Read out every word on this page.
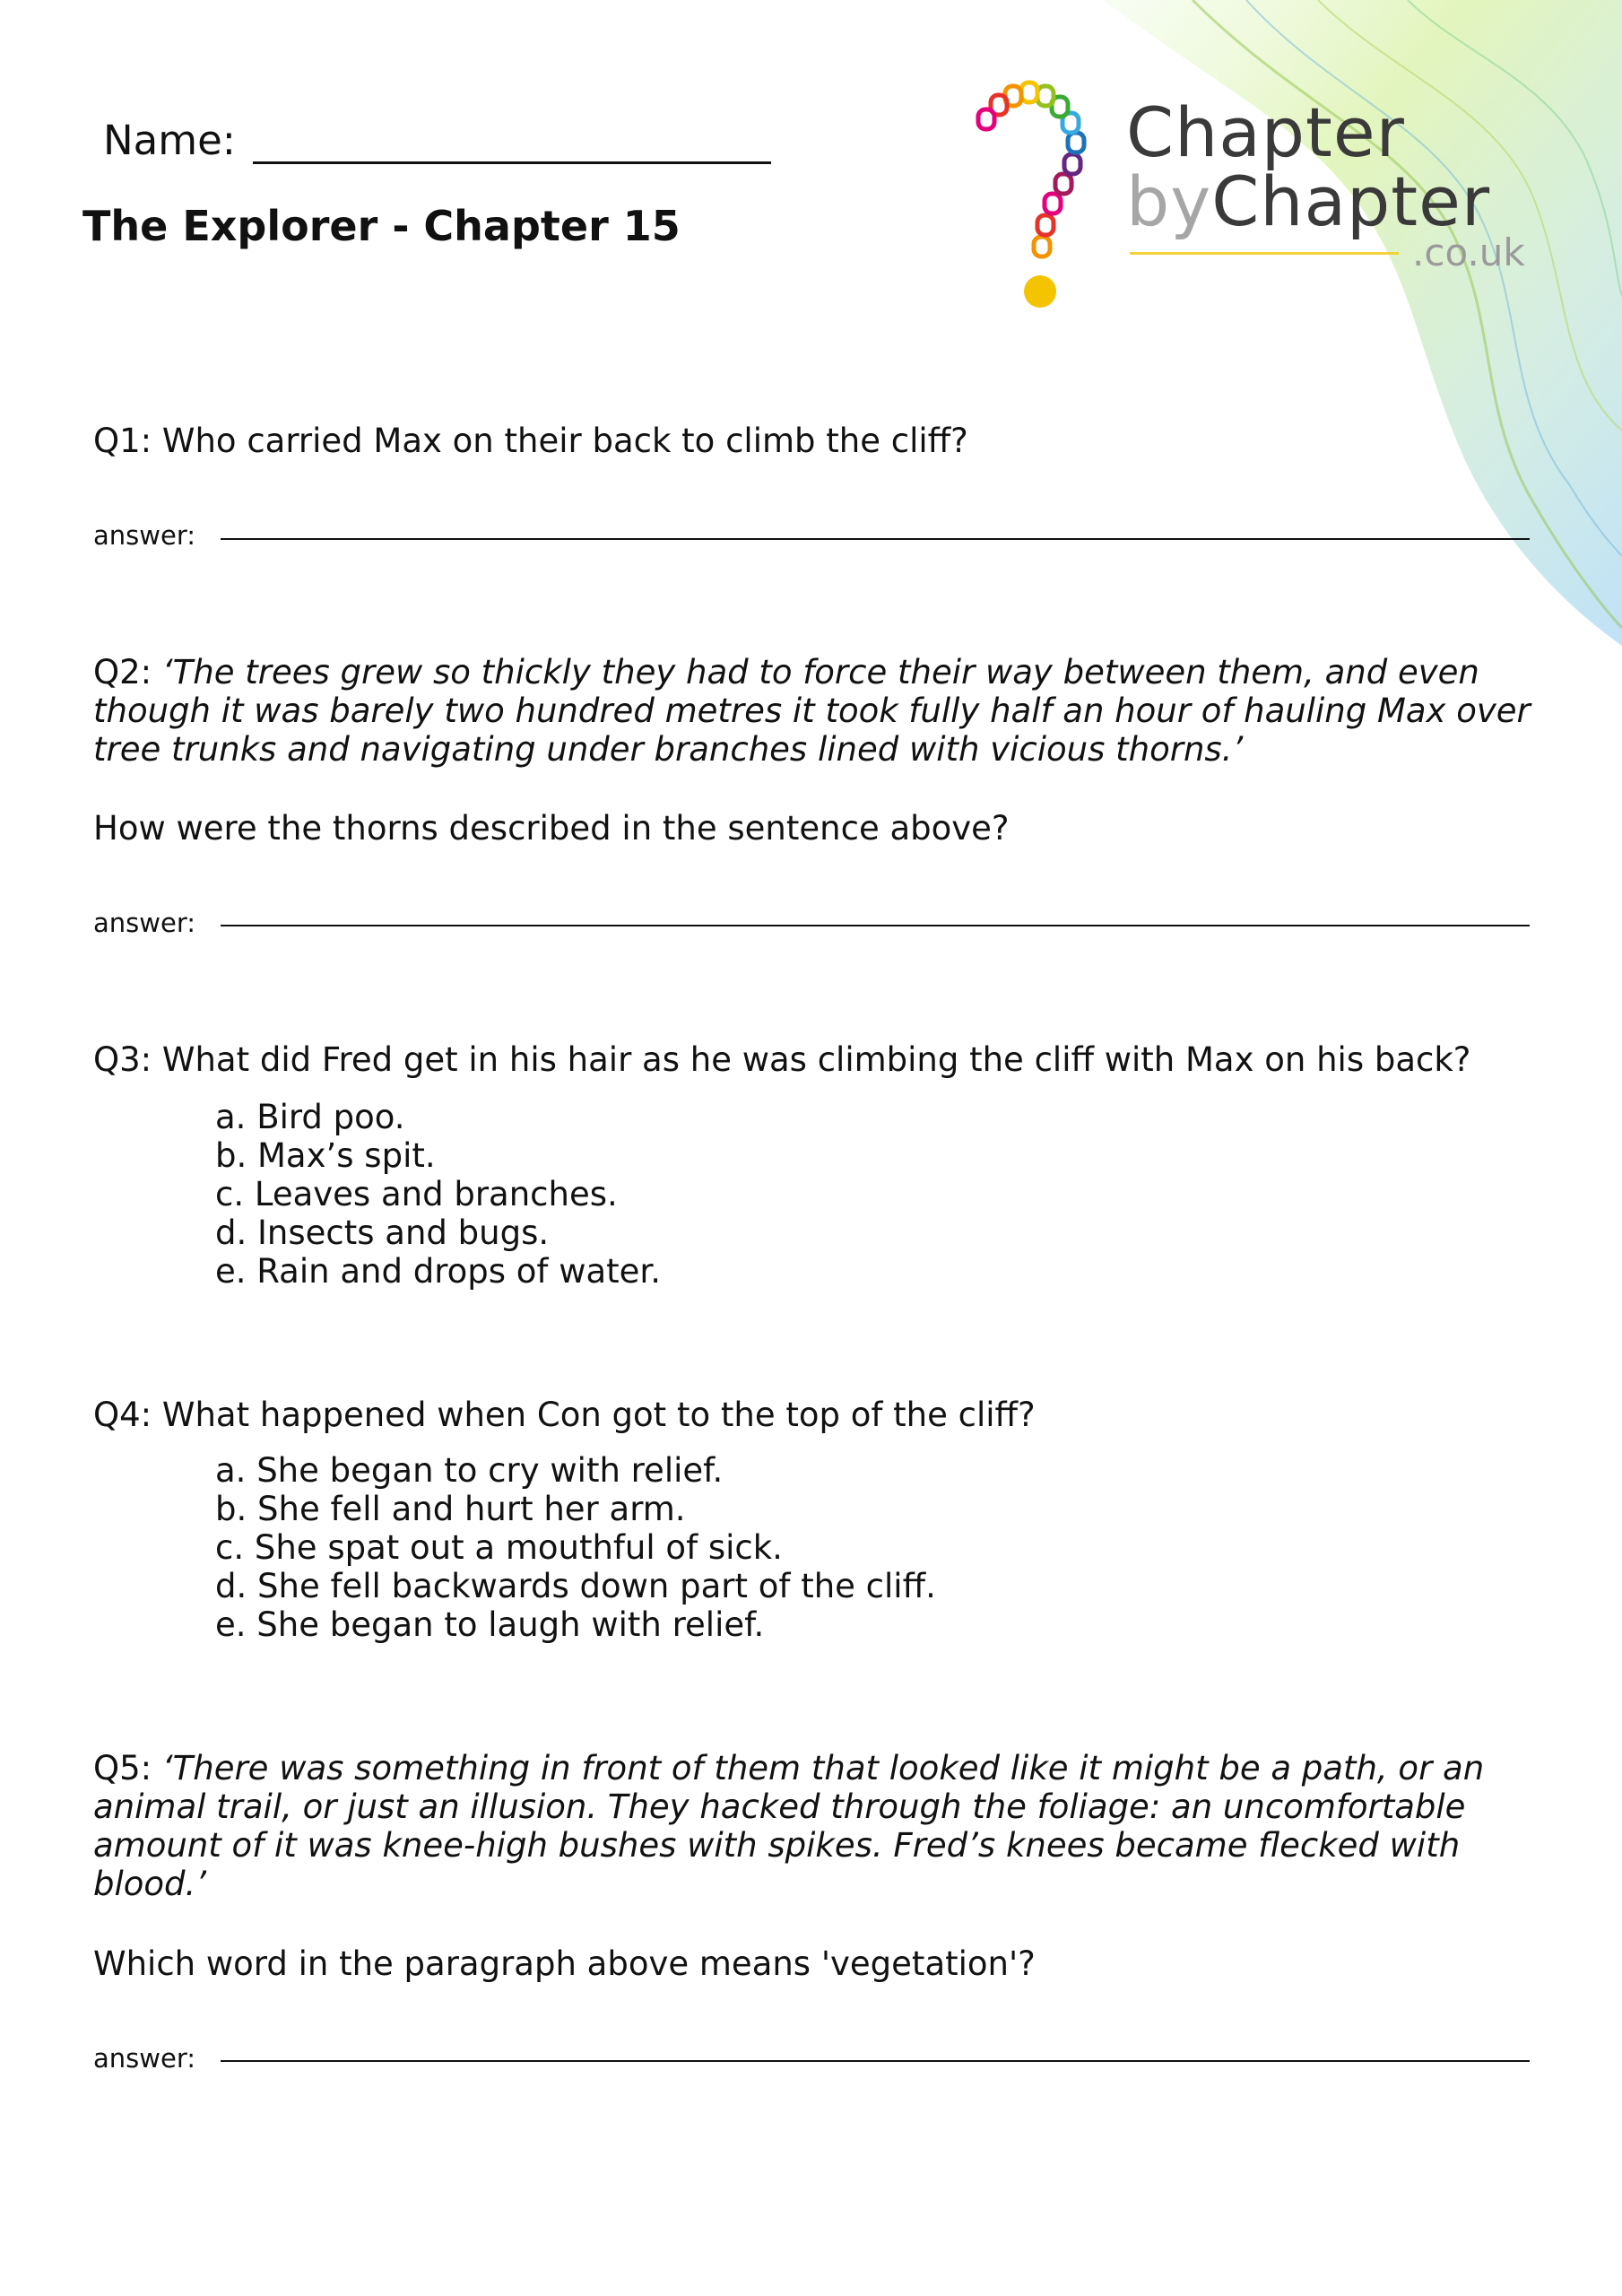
Chapter
byChapter
.co.uk
Name:
The Explorer - Chapter 15
Q1: Who carried Max on their back to climb the cliff?
answer:
Q2: ‘The trees grew so thickly they had to force their way between them, and even
though it was barely two hundred metres it took fully half an hour of hauling Max over
tree trunks and navigating under branches lined with vicious thorns.’
How were the thorns described in the sentence above?
answer:
Q3: What did Fred get in his hair as he was climbing the cliff with Max on his back?
a. Bird poo.
b. Max’s spit.
c. Leaves and branches.
d. Insects and bugs.
e. Rain and drops of water.
Q4: What happened when Con got to the top of the cliff?
a. She began to cry with relief.
b. She fell and hurt her arm.
c. She spat out a mouthful of sick.
d. She fell backwards down part of the cliff.
e. She began to laugh with relief.
Q5: ‘There was something in front of them that looked like it might be a path, or an
animal trail, or just an illusion. They hacked through the foliage: an uncomfortable
amount of it was knee-high bushes with spikes. Fred’s knees became flecked with
blood.’
Which word in the paragraph above means 'vegetation'?
answer:
